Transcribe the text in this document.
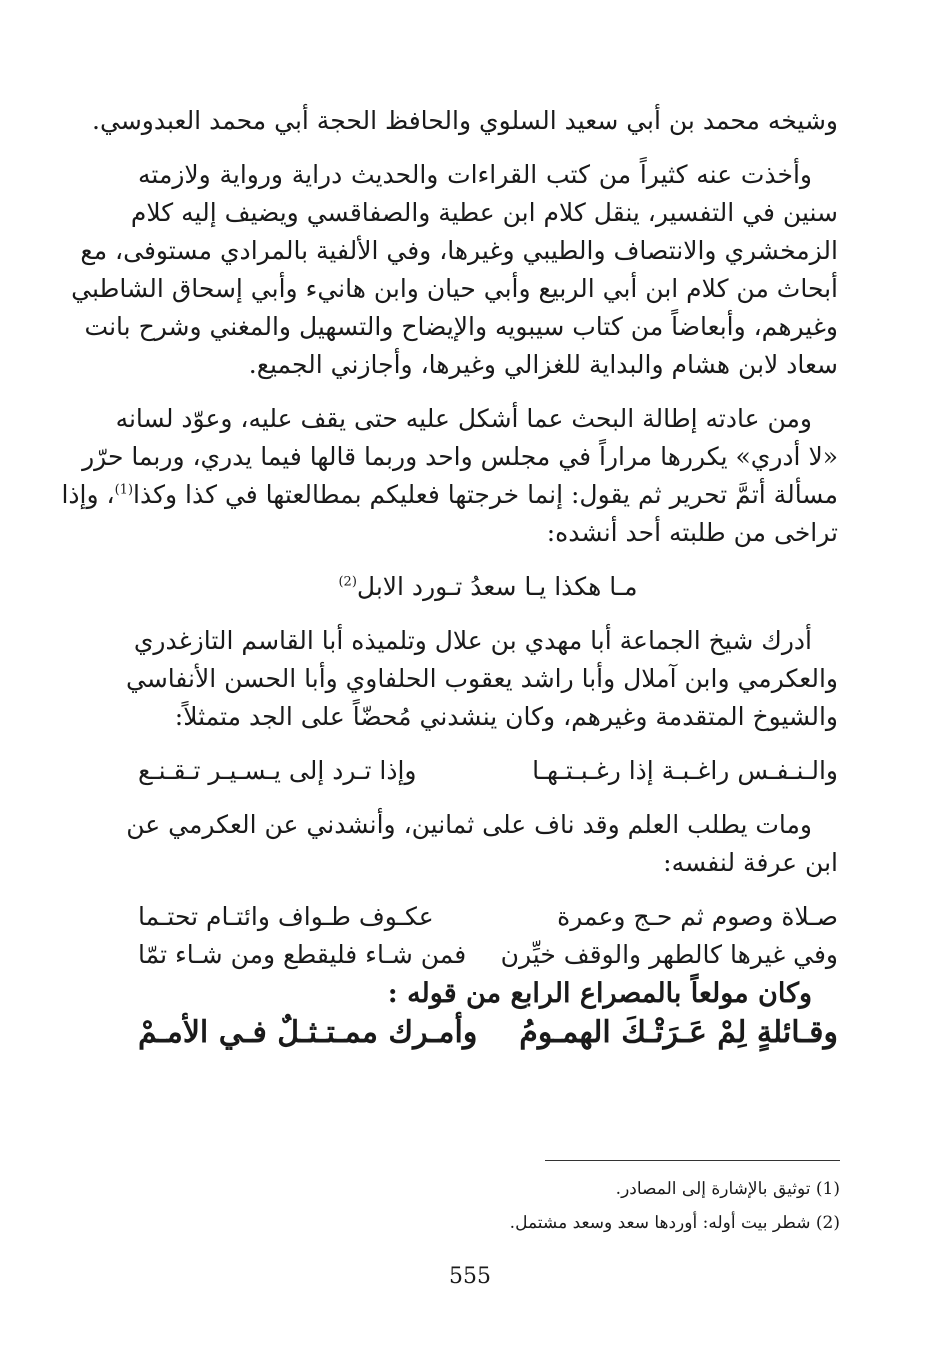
وشيخه محمد بن أبي سعيد السلوي والحافظ الحجة أبي محمد العبدوسي.
وأخذت عنه كثيراً من كتب القراءات والحديث دراية ورواية ولازمته
سنين في التفسير، ينقل كلام ابن عطية والصفاقسي ويضيف إليه كلام
الزمخشري والانتصاف والطيبي وغيرها، وفي الألفية بالمرادي مستوفى، مع
أبحاث من كلام ابن أبي الربيع وأبي حيان وابن هانيء وأبي إسحاق الشاطبي
وغيرهم، وأبعاضاً من كتاب سيبويه والإيضاح والتسهيل والمغني وشرح بانت
سعاد لابن هشام والبداية للغزالي وغيرها، وأجازني الجميع.
ومن عادته إطالة البحث عما أشكل عليه حتى يقف عليه، وعوّد لسانه
«لا أدري» يكررها مراراً في مجلس واحد وربما قالها فيما يدري، وربما حرّر
مسألة أتمَّ تحرير ثم يقول: إنما خرجتها فعليكم بمطالعتها في كذا وكذا$^{(1)}$، وإذا
تراخى من طلبته أحد أنشده:
مـا هكذا يـا سعدُ تـورد الابل$^{(2)}$
أدرك شيخ الجماعة أبا مهدي بن علال وتلميذه أبا القاسم التازغدري
والعكرمي وابن آملال وأبا راشد يعقوب الحلفاوي وأبا الحسن الأنفاسي
والشيوخ المتقدمة وغيرهم، وكان ينشدني مُحضّاً على الجد متمثلاً:
والـنـفـس راغـبـة إذا رغـبـتـهـا
وإذا تـرد إلى يـسـيـر تـقـنـع
ومات يطلب العلم وقد ناف على ثمانين، وأنشدني عن العكرمي عن
ابن عرفة لنفسه:
صـلاة وصوم ثم حـج وعمرة
عكـوف طـواف وائتـام تحتـما
وفي غيرها كالطهر والوقف خيِّرن
فمن شـاء فليقطع ومن شـاء تمّا
وكان مولعاً بالمصراع الرابع من قوله :
وقـائلةٍ لِمْ عَـرَتْـكَ الهمـومُ
وأمـرك ممـتـثـلٌ فـي الأمـمْ
(1) توثيق بالإشارة إلى المصادر.
(2) شطر بيت أوله: أوردها سعد وسعد مشتمل.
555
